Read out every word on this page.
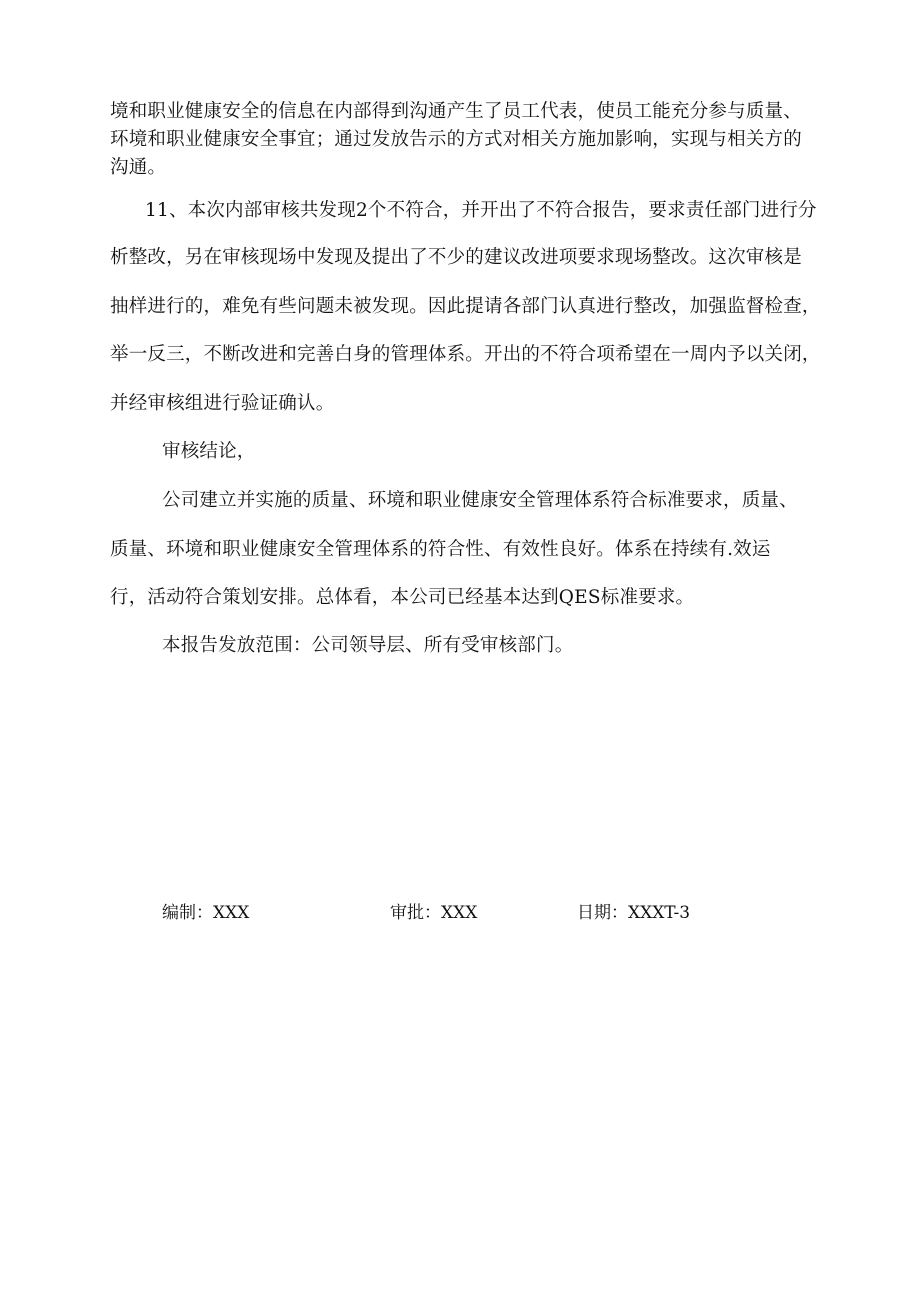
境和职业健康安全的信息在内部得到沟通产生了员工代表，使员工能充分参与质量、
环境和职业健康安全事宜；通过发放告示的方式对相关方施加影响，实现与相关方的
沟通。
11、本次内部审核共发现2个不符合，并开出了不符合报告，要求责任部门进行分
析整改，另在审核现场中发现及提出了不少的建议改进项要求现场整改。这次审核是
抽样进行的，难免有些问题未被发现。因此提请各部门认真进行整改，加强监督检查，
举一反三，不断改进和完善白身的管理体系。开出的不符合项希望在一周内予以关闭，
并经审核组进行验证确认。
审核结论，
公司建立并实施的质量、环境和职业健康安全管理体系符合标准要求，质量、
质量、环境和职业健康安全管理体系的符合性、有效性良好。体系在持续有.效运
行，活动符合策划安排。总体看，本公司已经基本达到QES标准要求。
本报告发放范围：公司领导层、所有受审核部门。
编制：XXX	审批：XXX	日期：XXXT-3
